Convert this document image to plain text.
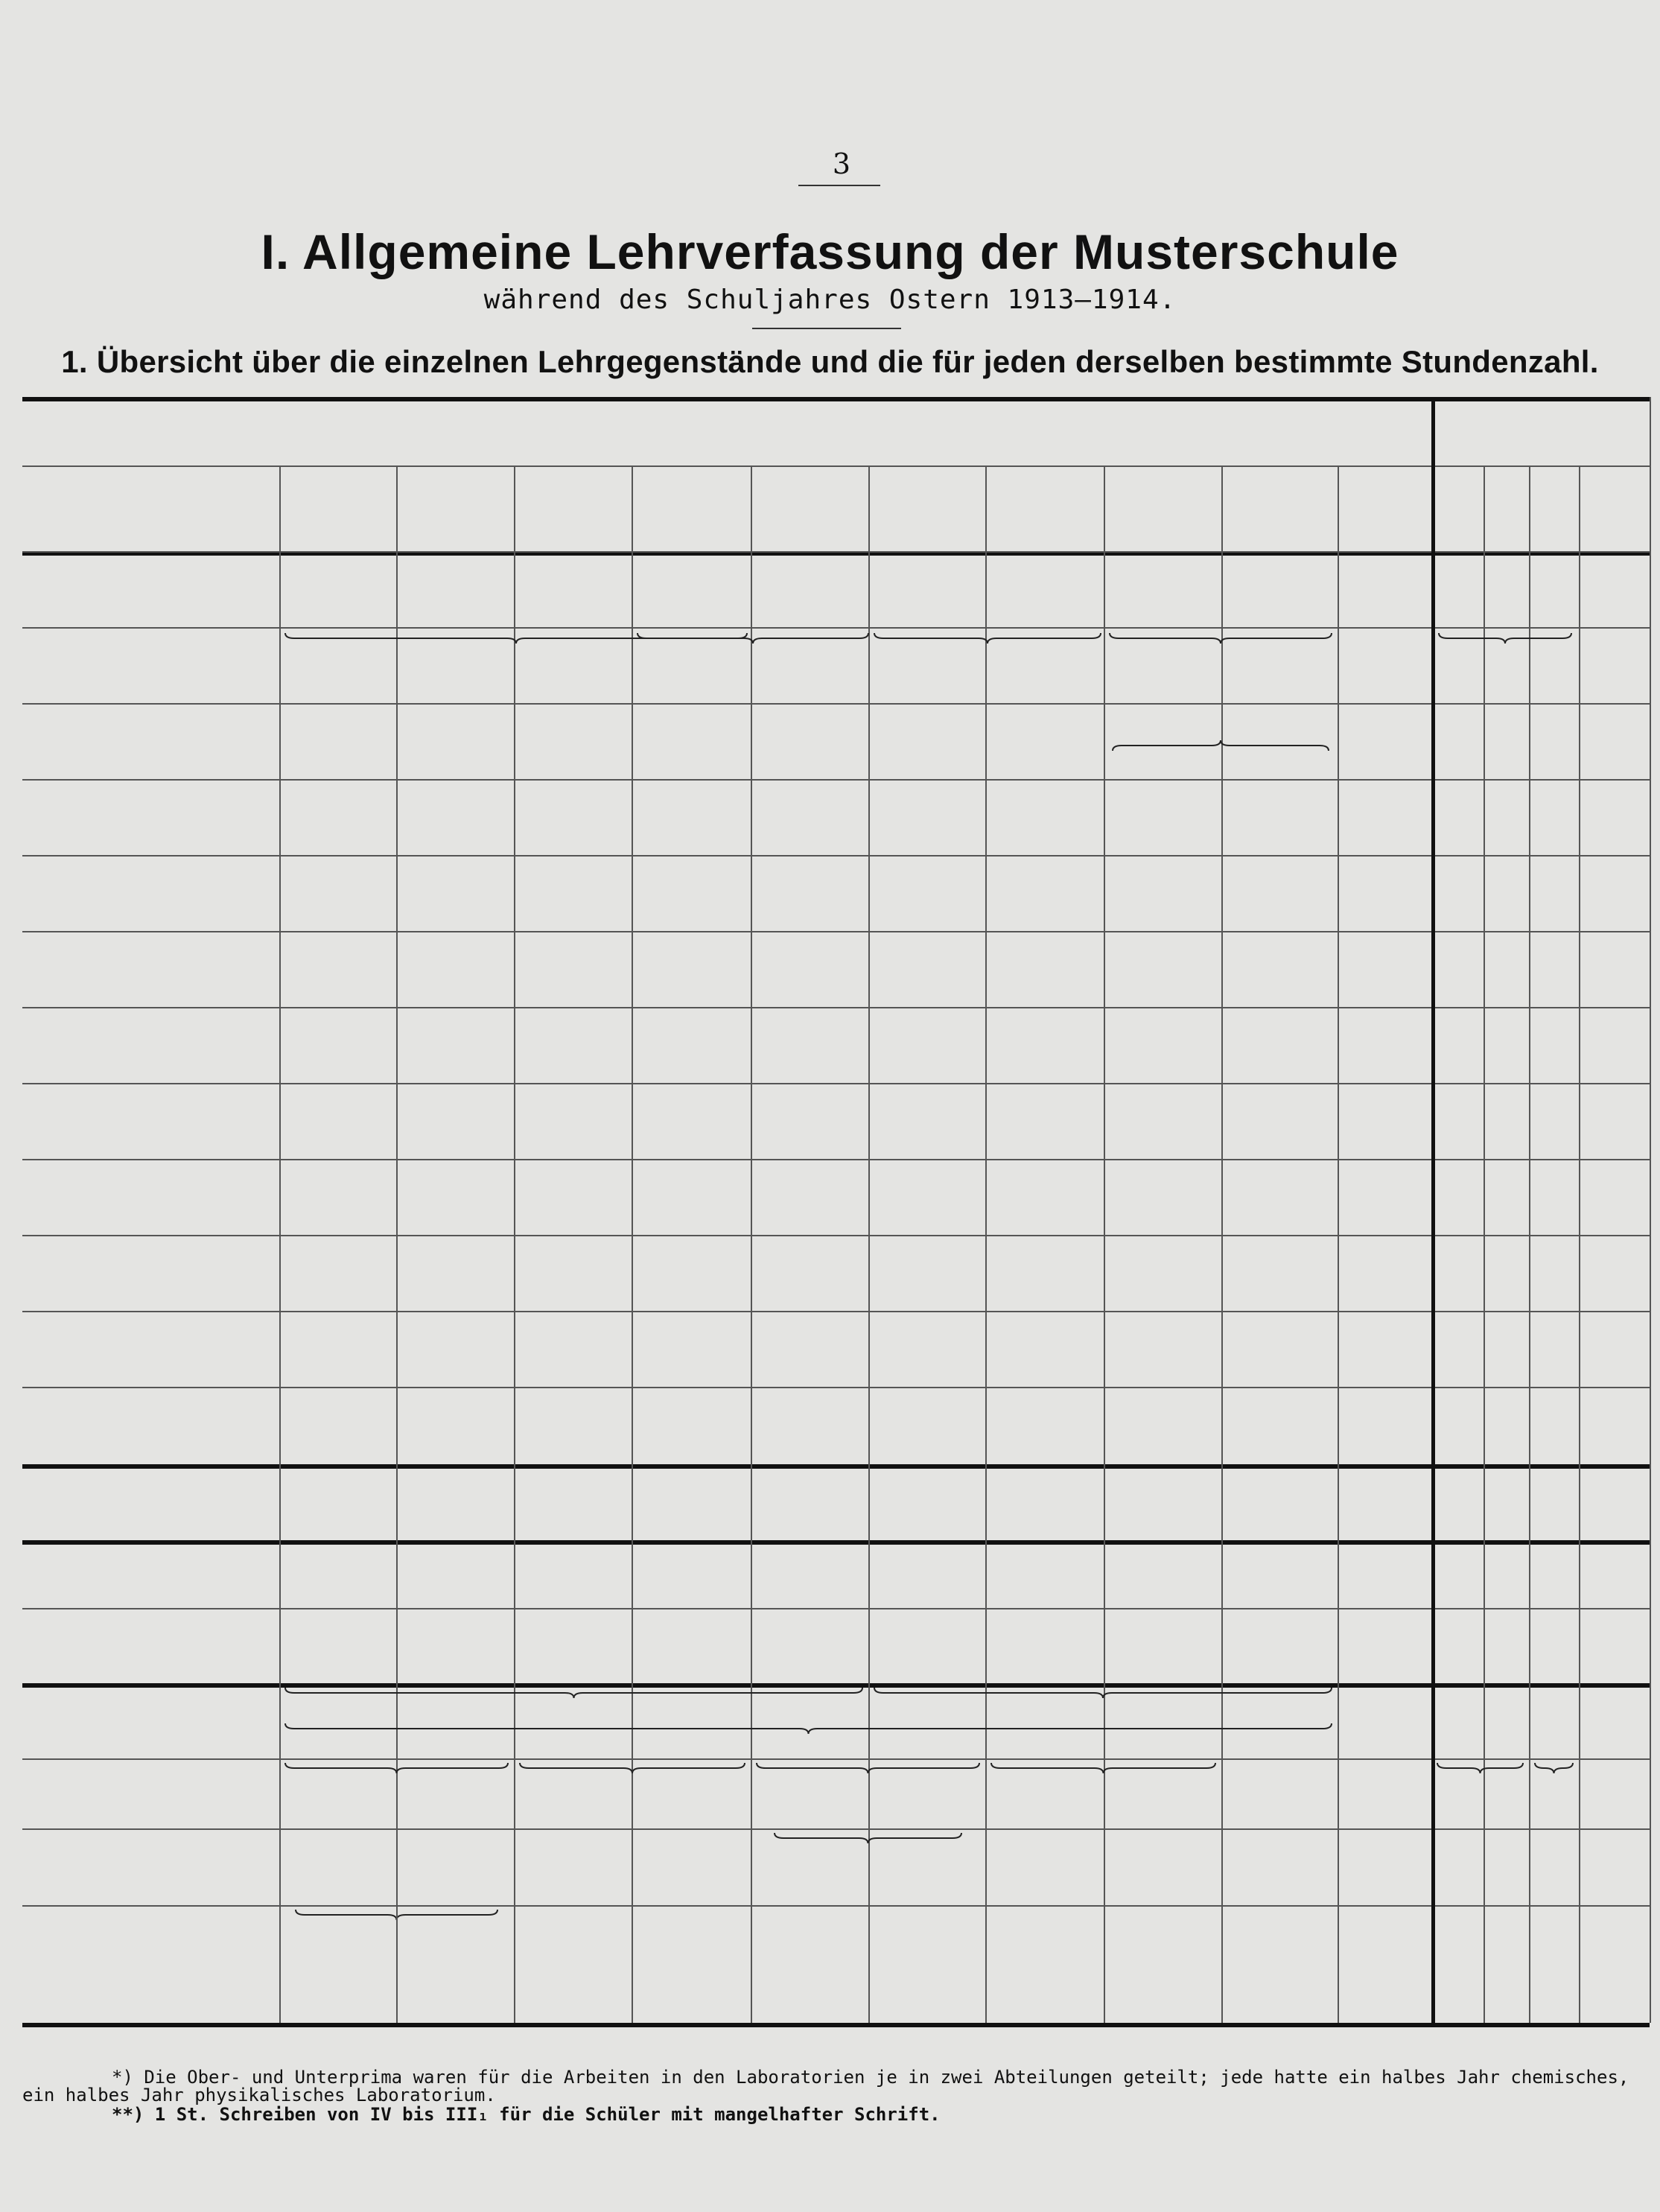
3
I. Allgemeine Lehrverfassung der Musterschule
während des Schuljahres Ostern 1913—1914.
1. Übersicht über die einzelnen Lehrgegenstände und die für jeden derselben bestimmte Stundenzahl.
*) Die Ober- und Unterprima waren für die Arbeiten in den Laboratorien je in zwei Abteilungen geteilt; jede hatte ein halbes Jahr chemisches,
ein halbes Jahr physikalisches Laboratorium.
**) 1 St. Schreiben von IV bis III₁ für die Schüler mit mangelhafter Schrift.
